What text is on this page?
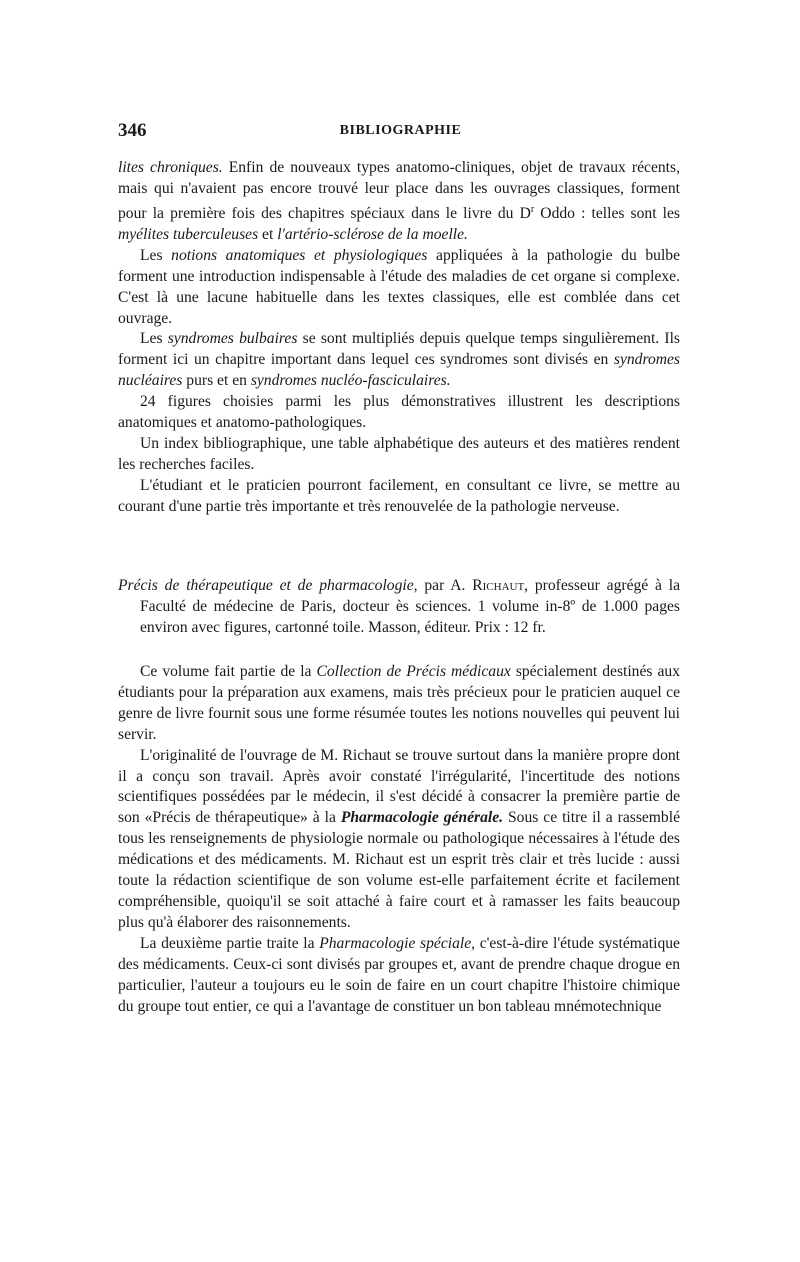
346	BIBLIOGRAPHIE

lites chroniques. Enfin de nouveaux types anatomo-cliniques, objet de travaux récents, mais qui n'avaient pas encore trouvé leur place dans les ouvrages classiques, forment pour la première fois des chapitres spéciaux dans le livre du $D^r$ Oddo : telles sont les myélites tuberculeuses et l'artério-sclérose de la moelle.

Les notions anatomiques et physiologiques appliquées à la pathologie du bulbe forment une introduction indispensable à l'étude des maladies de cet organe si complexe. C'est là une lacune habituelle dans les textes classiques, elle est comblée dans cet ouvrage.

Les syndromes bulbaires se sont multipliés depuis quelque temps singulièrement. Ils forment ici un chapitre important dans lequel ces syndromes sont divisés en syndromes nucléaires purs et en syndromes nucléo-fasciculaires.

24 figures choisies parmi les plus démonstratives illustrent les descriptions anatomiques et anatomo-pathologiques.

Un index bibliographique, une table alphabétique des auteurs et des matières rendent les recherches faciles.

L'étudiant et le praticien pourront facilement, en consultant ce livre, se mettre au courant d'une partie très importante et très renouvelée de la pathologie nerveuse.

Précis de thérapeutique et de pharmacologie, par A. Richaut, professeur agrégé à la Faculté de médecine de Paris, docteur ès sciences. 1 volume in-8º de 1.000 pages environ avec figures, cartonné toile. Masson, éditeur. Prix : 12 fr.

Ce volume fait partie de la Collection de Précis médicaux spécialement destinés aux étudiants pour la préparation aux examens, mais très précieux pour le praticien auquel ce genre de livre fournit sous une forme résumée toutes les notions nouvelles qui peuvent lui servir.

L'originalité de l'ouvrage de M. Richaut se trouve surtout dans la manière propre dont il a conçu son travail. Après avoir constaté l'irrégularité, l'incertitude des notions scientifiques possédées par le médecin, il s'est décidé à consacrer la première partie de son «Précis de thérapeutique» à la Pharmacologie générale. Sous ce titre il a rassemblé tous les renseignements de physiologie normale ou pathologique nécessaires à l'étude des médications et des médicaments. M. Richaut est un esprit très clair et très lucide : aussi toute la rédaction scientifique de son volume est-elle parfaitement écrite et facilement compréhensible, quoiqu'il se soit attaché à faire court et à ramasser les faits beaucoup plus qu'à élaborer des raisonnements.

La deuxième partie traite la Pharmacologie spéciale, c'est-à-dire l'étude systématique des médicaments. Ceux-ci sont divisés par groupes et, avant de prendre chaque drogue en particulier, l'auteur a toujours eu le soin de faire en un court chapitre l'histoire chimique du groupe tout entier, ce qui a l'avantage de constituer un bon tableau mnémotechnique
